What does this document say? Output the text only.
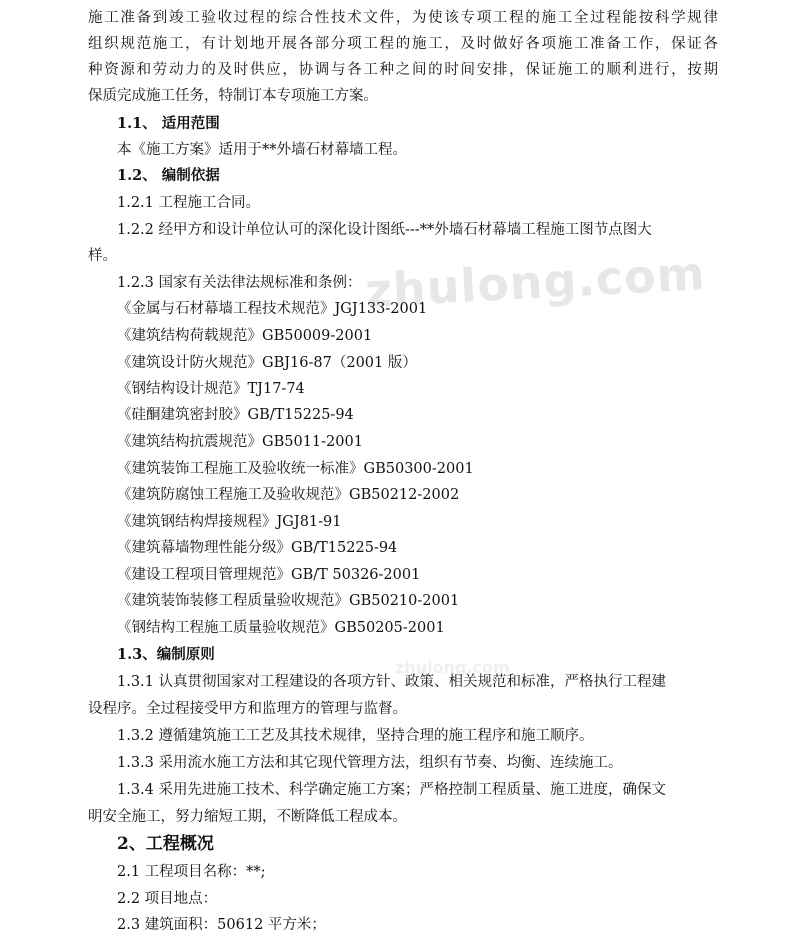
zhulong.com
zhulong.com
施工准备到竣工验收过程的综合性技术文件，为使该专项工程的施工全过程能按科学规律
组织规范施工，有计划地开展各部分项工程的施工，及时做好各项施工准备工作，保证各
种资源和劳动力的及时供应，协调与各工种之间的时间安排，保证施工的顺利进行，按期
保质完成施工任务，特制订本专项施工方案。
1.1、 适用范围
本《施工方案》适用于**外墙石材幕墙工程。
1.2、 编制依据
1.2.1 工程施工合同。
1.2.2 经甲方和设计单位认可的深化设计图纸---**外墙石材幕墙工程施工图节点图大
样。
1.2.3 国家有关法律法规标准和条例：
《金属与石材幕墙工程技术规范》JGJ133-2001
《建筑结构荷载规范》GB50009-2001
《建筑设计防火规范》GBJ16-87（2001 版）
《钢结构设计规范》TJ17-74
《硅酮建筑密封胶》GB/T15225-94
《建筑结构抗震规范》GB5011-2001
《建筑装饰工程施工及验收统一标准》GB50300-2001
《建筑防腐蚀工程施工及验收规范》GB50212-2002
《建筑钢结构焊接规程》JGJ81-91
《建筑幕墙物理性能分级》GB/T15225-94
《建设工程项目管理规范》GB/T 50326-2001
《建筑装饰装修工程质量验收规范》GB50210-2001
《钢结构工程施工质量验收规范》GB50205-2001
1.3、编制原则
1.3.1 认真贯彻国家对工程建设的各项方针、政策、相关规范和标准，严格执行工程建
设程序。全过程接受甲方和监理方的管理与监督。
1.3.2 遵循建筑施工工艺及其技术规律，坚持合理的施工程序和施工顺序。
1.3.3 采用流水施工方法和其它现代管理方法，组织有节奏、均衡、连续施工。
1.3.4 采用先进施工技术、科学确定施工方案；严格控制工程质量、施工进度，确保文
明安全施工，努力缩短工期，不断降低工程成本。
2、工程概况
2.1 工程项目名称：**;
2.2 项目地点：
2.3 建筑面积：50612 平方米；
